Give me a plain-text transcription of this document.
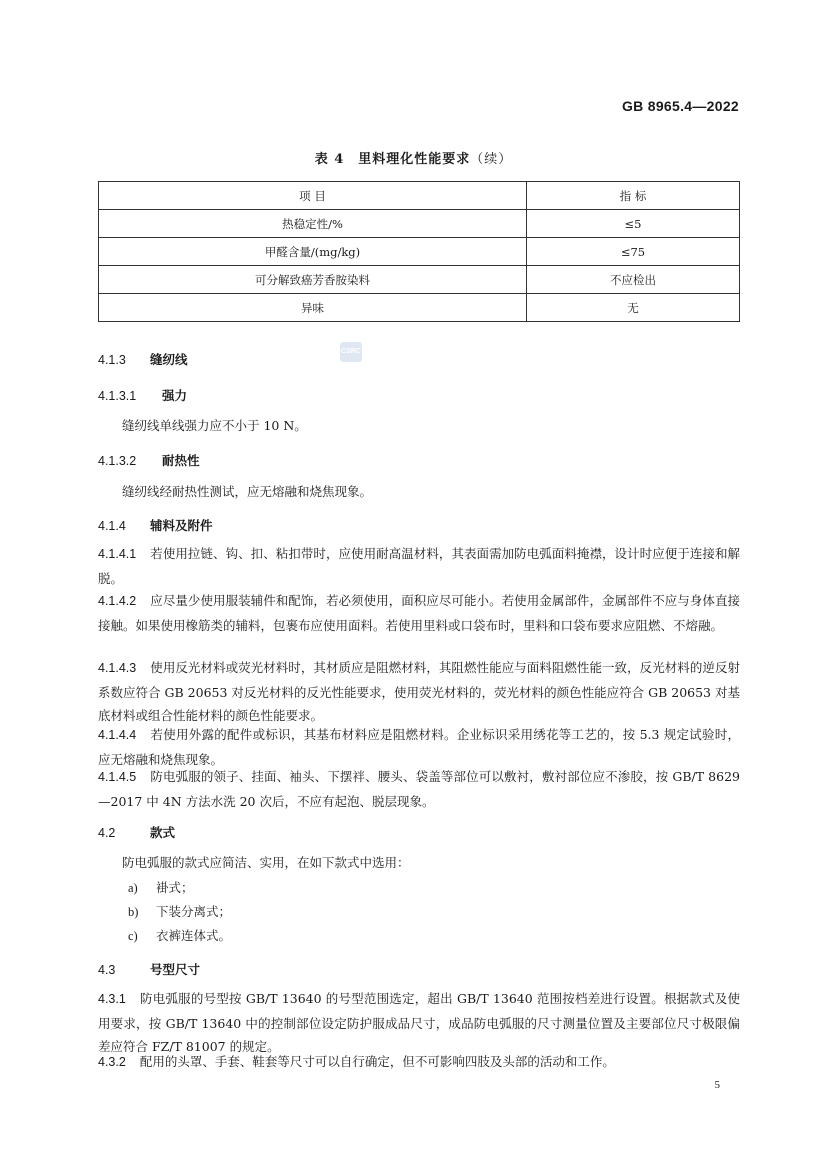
GB 8965.4—2022
表 4　里料理化性能要求（续）
项 目	指 标
热稳定性/%	≤5
甲醛含量/(mg/kg)	≤75
可分解致癌芳香胺染料	不应检出
异味	无
CSRC
4.1.3 缝纫线
4.1.3.1 强力
缝纫线单线强力应不小于 10 N。
4.1.3.2 耐热性
缝纫线经耐热性测试，应无熔融和烧焦现象。
4.1.4 辅料及附件
4.1.4.1 若使用拉链、钩、扣、粘扣带时，应使用耐高温材料，其表面需加防电弧面料掩襟，设计时应便于连接和解脱。
4.1.4.2 应尽量少使用服装辅件和配饰，若必须使用，面积应尽可能小。若使用金属部件，金属部件不应与身体直接接触。如果使用橡筋类的辅料，包裹布应使用面料。若使用里料或口袋布时，里料和口袋布要求应阻燃、不熔融。
4.1.4.3 使用反光材料或荧光材料时，其材质应是阻燃材料，其阻燃性能应与面料阻燃性能一致，反光材料的逆反射系数应符合 GB 20653 对反光材料的反光性能要求，使用荧光材料的，荧光材料的颜色性能应符合 GB 20653 对基底材料或组合性能材料的颜色性能要求。
4.1.4.4 若使用外露的配件或标识，其基布材料应是阻燃材料。企业标识采用绣花等工艺的，按 5.3 规定试验时，应无熔融和烧焦现象。
4.1.4.5 防电弧服的领子、挂面、袖头、下摆袢、腰头、袋盖等部位可以敷衬，敷衬部位应不渗胶，按 GB/T 8629—2017 中 4N 方法水洗 20 次后，不应有起泡、脱层现象。
4.2	款式
防电弧服的款式应简洁、实用，在如下款式中选用：
a) 褂式；
b) 下装分离式；
c) 衣裤连体式。
4.3	号型尺寸
4.3.1 防电弧服的号型按 GB/T 13640 的号型范围选定，超出 GB/T 13640 范围按档差进行设置。根据款式及使用要求，按 GB/T 13640 中的控制部位设定防护服成品尺寸，成品防电弧服的尺寸测量位置及主要部位尺寸极限偏差应符合 FZ/T 81007 的规定。
4.3.2 配用的头罩、手套、鞋套等尺寸可以自行确定，但不可影响四肢及头部的活动和工作。
5
